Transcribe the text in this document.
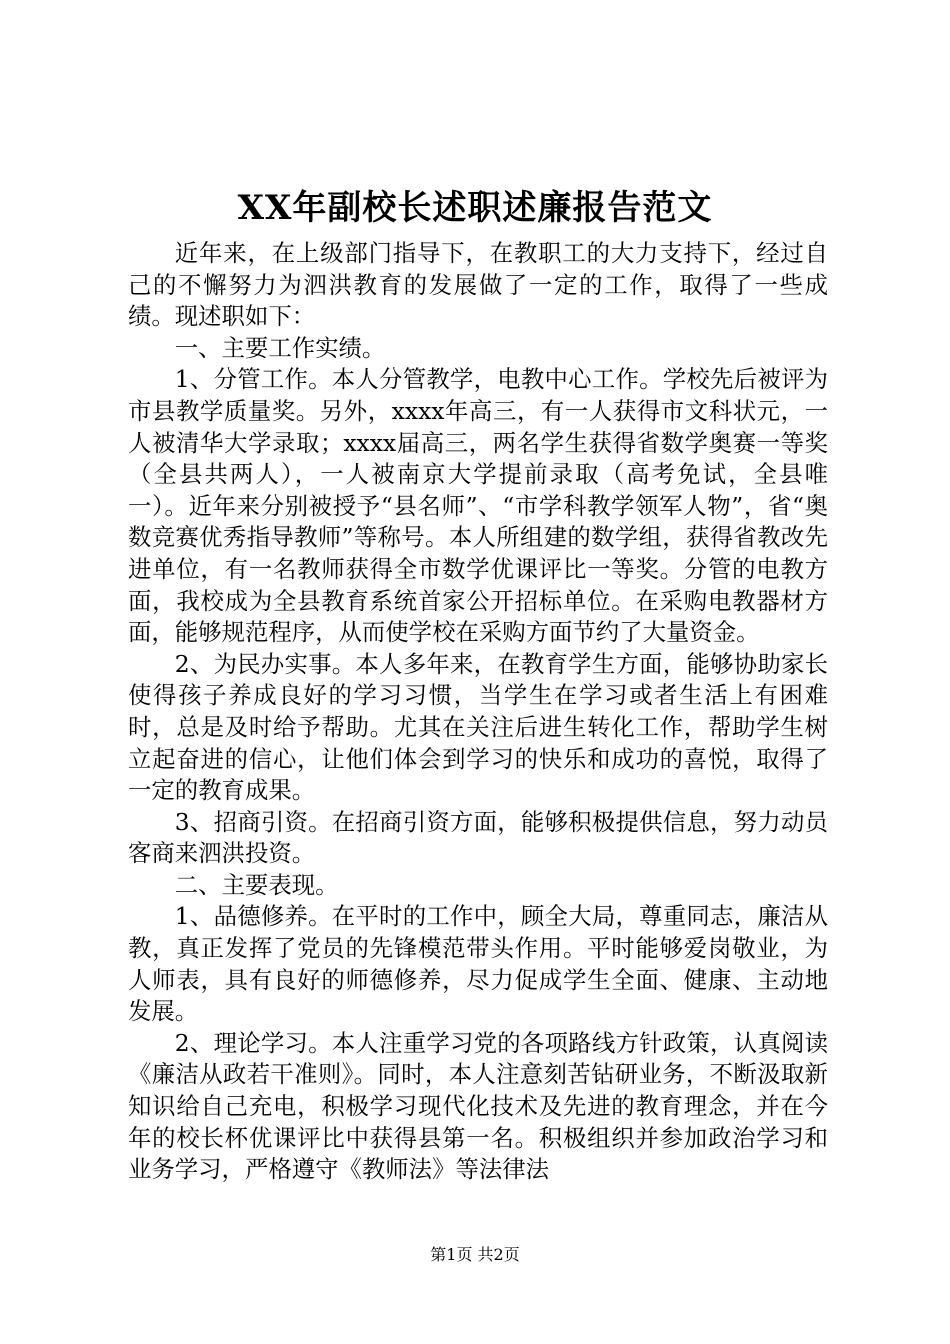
XX年副校长述职述廉报告范文

近年来，在上级部门指导下，在教职工的大力支持下，经过自己的不懈努力为泗洪教育的发展做了一定的工作，取得了一些成绩。现述职如下：

一、主要工作实绩。

1、分管工作。本人分管教学，电教中心工作。学校先后被评为市县教学质量奖。另外，xxxx年高三，有一人获得市文科状元，一人被清华大学录取；xxxx届高三，两名学生获得省数学奥赛一等奖（全县共两人），一人被南京大学提前录取（高考免试，全县唯一）。近年来分别被授予“县名师”、“市学科教学领军人物”，省“奥数竞赛优秀指导教师”等称号。本人所组建的数学组，获得省教改先进单位，有一名教师获得全市数学优课评比一等奖。分管的电教方面，我校成为全县教育系统首家公开招标单位。在采购电教器材方面，能够规范程序，从而使学校在采购方面节约了大量资金。

2、为民办实事。本人多年来，在教育学生方面，能够协助家长使得孩子养成良好的学习习惯，当学生在学习或者生活上有困难时，总是及时给予帮助。尤其在关注后进生转化工作，帮助学生树立起奋进的信心，让他们体会到学习的快乐和成功的喜悦，取得了一定的教育成果。

3、招商引资。在招商引资方面，能够积极提供信息，努力动员客商来泗洪投资。

二、主要表现。

1、品德修养。在平时的工作中，顾全大局，尊重同志，廉洁从教，真正发挥了党员的先锋模范带头作用。平时能够爱岗敬业，为人师表，具有良好的师德修养，尽力促成学生全面、健康、主动地发展。

2、理论学习。本人注重学习党的各项路线方针政策，认真阅读《廉洁从政若干准则》。同时，本人注意刻苦钻研业务，不断汲取新知识给自己充电，积极学习现代化技术及先进的教育理念，并在今年的校长杯优课评比中获得县第一名。积极组织并参加政治学习和业务学习，严格遵守《教师法》等法律法

第1页 共2页
